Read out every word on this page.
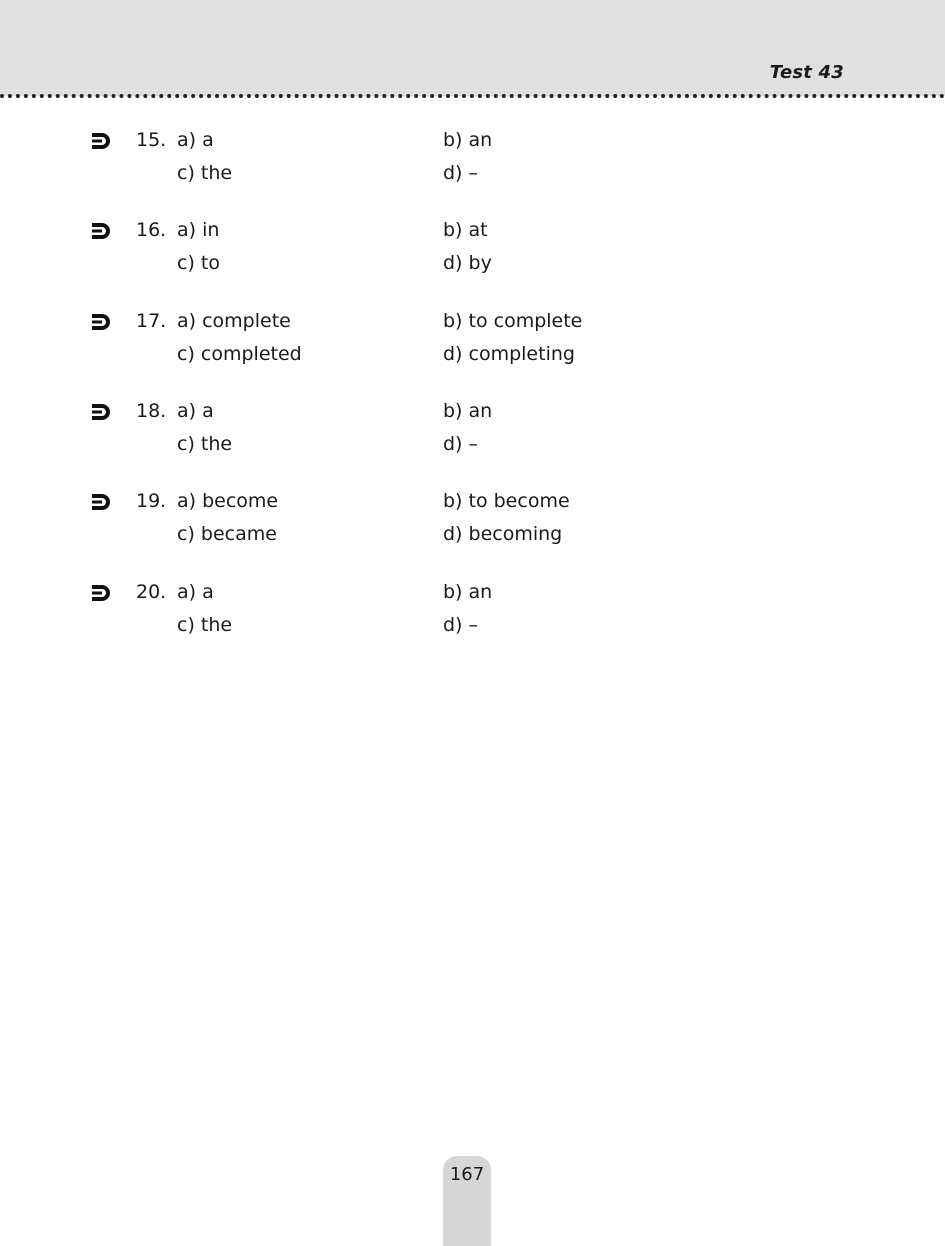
Test 43
15. a) a	b) an
c) the	d) –
16. a) in	b) at
c) to	d) by
17. a) complete	b) to complete
c) completed	d) completing
18. a) a	b) an
c) the	d) –
19. a) become	b) to become
c) became	d) becoming
20. a) a	b) an
c) the	d) –
167
